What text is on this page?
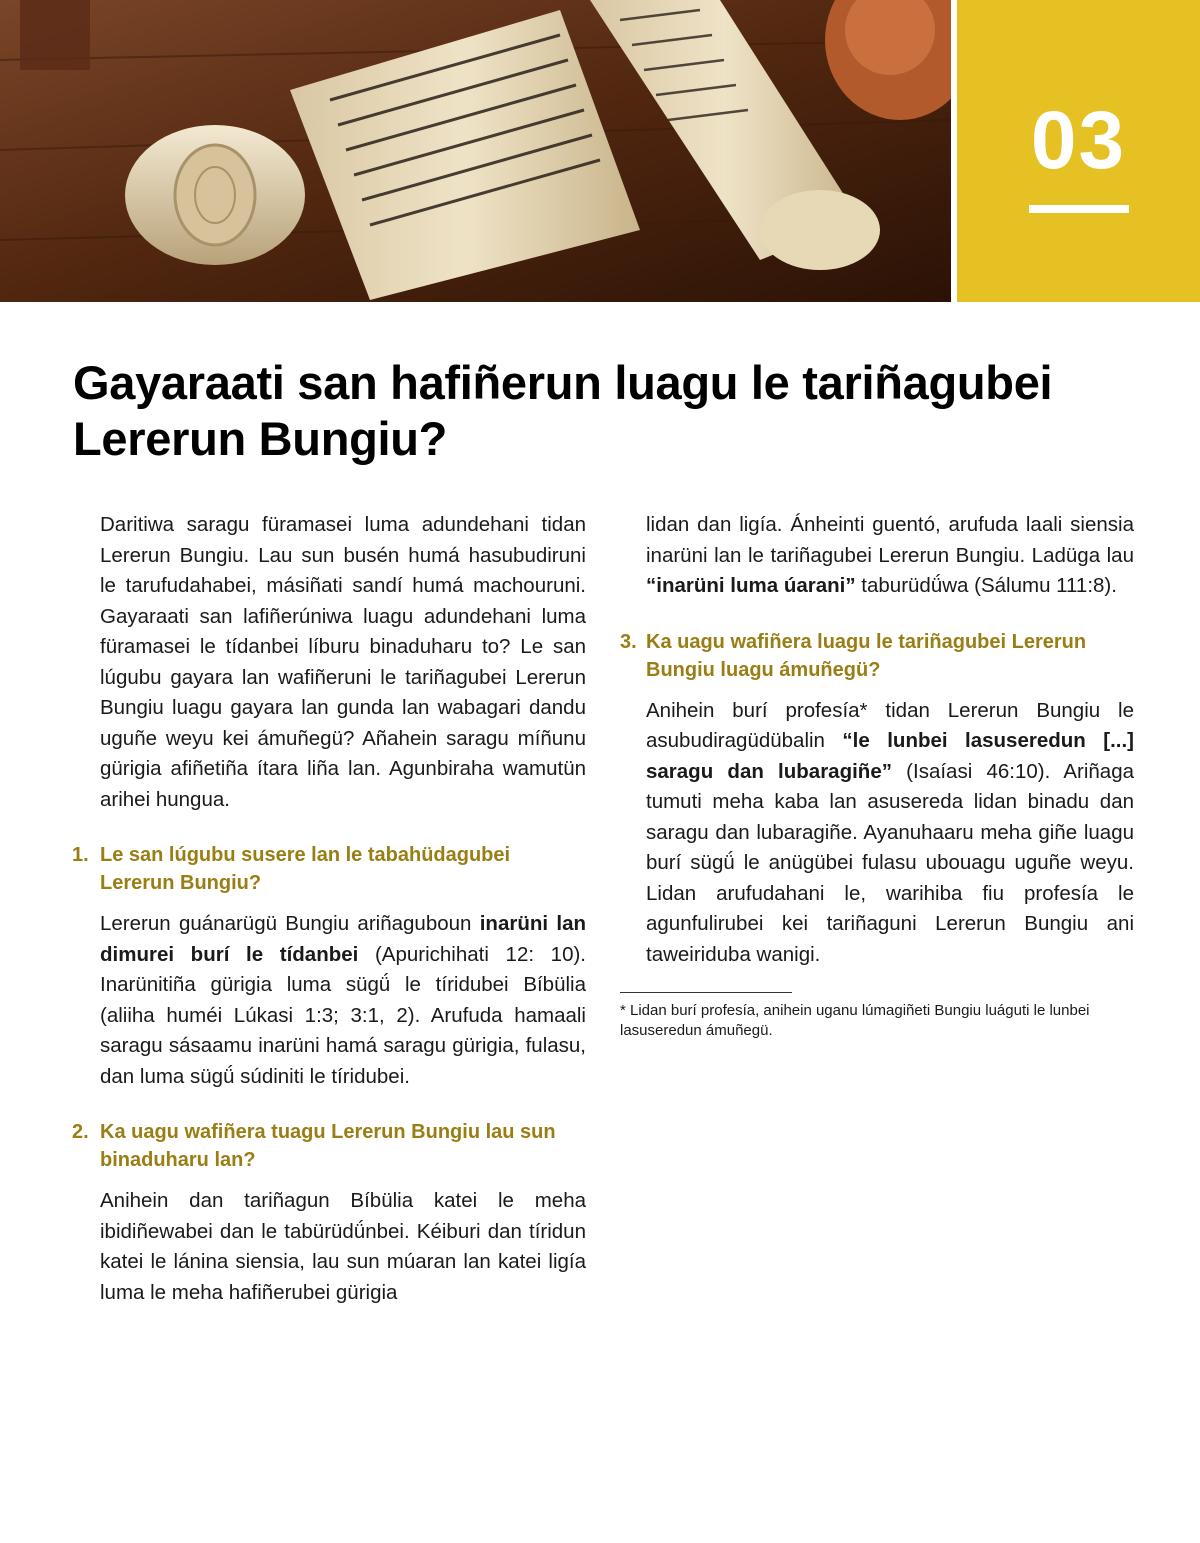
03
Gayaraati san hafiñerun luagu le tariñagubei Lererun Bungiu?

Daritiwa saragu füramasei luma adundehani tidan Lererun Bungiu. Lau sun busén humá hasubudiruni le tarufudahabei, másiñati sandí humá machouruni. Gayaraati san lafiñerúniwa luagu adundehani luma füramasei le tídanbei líburu binaduharu to? Le san lúgubu gayara lan wafiñeruni le tariñagubei Lererun Bungiu luagu gayara lan gunda lan wabagari dandu uguñe weyu kei ámuñegü? Añahein saragu míñunu gürigia afiñetiña ítara liña lan. Agunbiraha wamutün arihei hungua.

1. Le san lúgubu susere lan le tabahüdagubei Lererun Bungiu?

Lererun guánarügü Bungiu ariñaguboun inarüni lan dimurei burí le tídanbei (Apurichihati 12: 10). Inarünitiña gürigia luma sügǘ le tíridubei Bíbülia (aliiha huméi Lúkasi 1:3; 3:1, 2). Arufuda hamaali saragu sásaamu inarüni hamá saragu gürigia, fulasu, dan luma sügǘ súdiniti le tíridubei.

2. Ka uagu wafiñera tuagu Lererun Bungiu lau sun binaduharu lan?

Anihein dan tariñagun Bíbülia katei le meha ibidiñewabei dan le tabürüdǘnbei. Kéiburi dan tíridun katei le lánina siensia, lau sun múaran lan katei ligía luma le meha hafiñerubei gürigia

lidan dan ligía. Ánheinti guentó, arufuda laali siensia inarüni lan le tariñagubei Lererun Bungiu. Ladüga lau “inarüni luma úarani” taburüdǘwa (Sálumu 111:8).

3. Ka uagu wafiñera luagu le tariñagubei Lererun Bungiu luagu ámuñegü?

Anihein burí profesía* tidan Lererun Bungiu le asubudiragüdübalin “le lunbei lasuseredun [...] saragu dan lubaragiñe” (Isaíasi 46:10). Ariñaga tumuti meha kaba lan asusereda lidan binadu dan saragu dan lubaragiñe. Ayanuhaaru meha giñe luagu burí sügǘ le anügübei fulasu ubouagu uguñe weyu. Lidan arufudahani le, warihiba fiu profesía le agunfulirubei kei tariñaguni Lererun Bungiu ani taweiriduba wanigi.

* Lidan burí profesía, anihein uganu lúmagiñeti Bungiu luáguti le lunbei lasuseredun ámuñegü.
